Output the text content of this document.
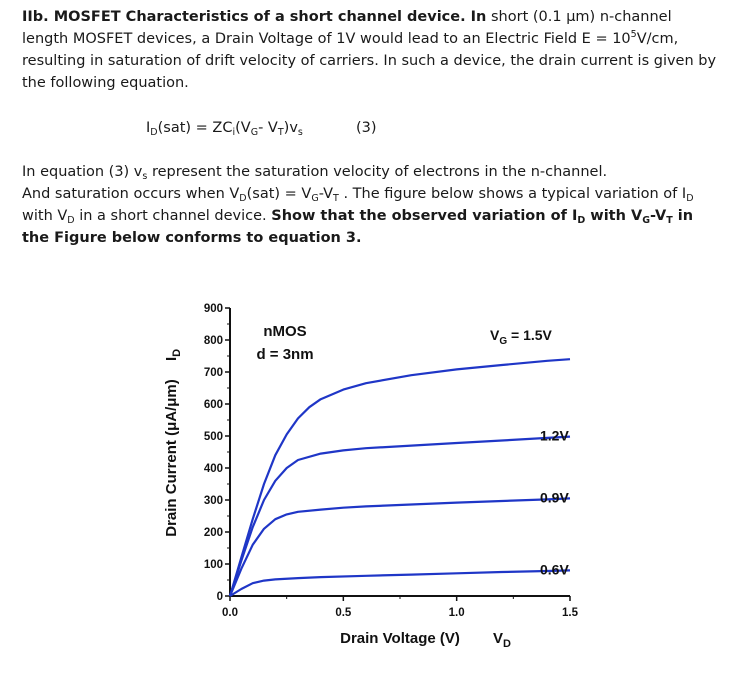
IIb. MOSFET Characteristics of a short channel device. In short (0.1 µm) n-channel length MOSFET devices, a Drain Voltage of 1V would lead to an Electric Field $E = 10^5V/cm$, resulting in saturation of drift velocity of carriers. In such a device, the drain current is given by the following equation.

$I_D(sat) = ZC_i(V_G-$ $V_T)v_s$	(3)

In equation (3) $v_s$ represent the saturation velocity of electrons in the n-channel.
And saturation occurs when $V_D(sat) = V_G-V_T$ . The figure below shows a typical variation of $I_D$
with $V_D$ in a short channel device. Show that the observed variation of $I_D$ with $V_G-V_T$ in the Figure below conforms to equation 3.

0
100
200
300
400
500
600
700
800
900
0.0	0.5	1.0	1.5
1.2V
0.9V
0.6V
$V_G = 1.5V$
nMOS
d = 3nm
Drain Voltage (V) $V_D$
Drain Current (μA/μm)
$I_D$
